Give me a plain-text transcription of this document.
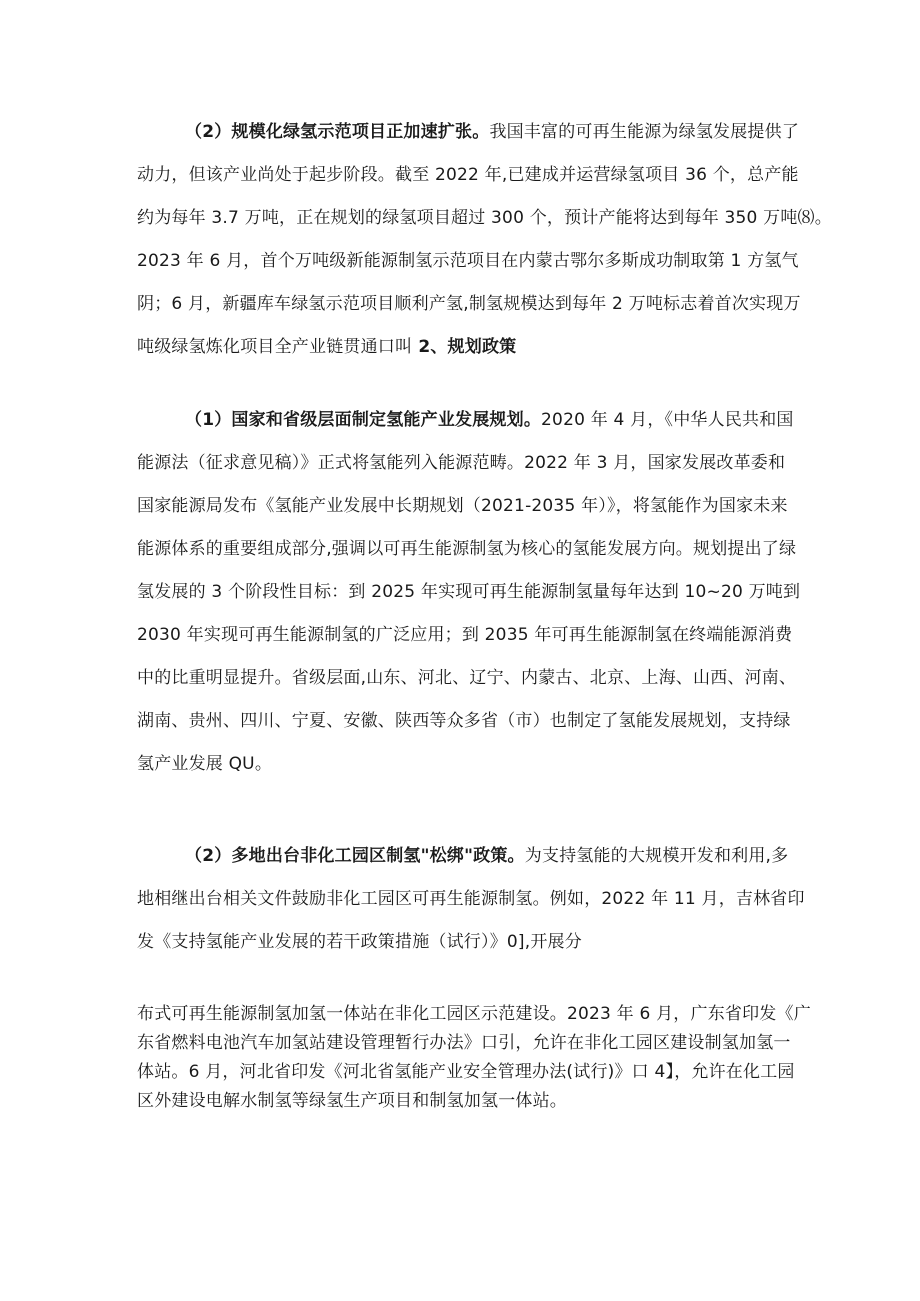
（2）规模化绿氢示范项目正加速扩张。我国丰富的可再生能源为绿氢发展提供了
动力，但该产业尚处于起步阶段。截至 2022 年,已建成并运营绿氢项目 36 个，总产能
约为每年 3.7 万吨，正在规划的绿氢项目超过 300 个，预计产能将达到每年 350 万吨⑻。
2023 年 6 月，首个万吨级新能源制氢示范项目在内蒙古鄂尔多斯成功制取第 1 方氢气
阴；6 月，新疆库车绿氢示范项目顺利产氢,制氢规模达到每年 2 万吨标志着首次实现万
吨级绿氢炼化项目全产业链贯通口叫 2、规划政策
（1）国家和省级层面制定氢能产业发展规划。2020 年 4 月，《中华人民共和国
能源法（征求意见稿）》正式将氢能列入能源范畴。2022 年 3 月，国家发展改革委和
国家能源局发布《氢能产业发展中长期规划（2021-2035 年）》，将氢能作为国家未来
能源体系的重要组成部分,强调以可再生能源制氢为核心的氢能发展方向。规划提出了绿
氢发展的 3 个阶段性目标：到 2025 年实现可再生能源制氢量每年达到 10~20 万吨到
2030 年实现可再生能源制氢的广泛应用；到 2035 年可再生能源制氢在终端能源消费
中的比重明显提升。省级层面,山东、河北、辽宁、内蒙古、北京、上海、山西、河南、
湖南、贵州、四川、宁夏、安徽、陕西等众多省（市）也制定了氢能发展规划，支持绿
氢产业发展 QU。
（2）多地出台非化工园区制氢"松绑"政策。为支持氢能的大规模开发和利用,多
地相继出台相关文件鼓励非化工园区可再生能源制氢。例如，2022 年 11 月，吉林省印
发《支持氢能产业发展的若干政策措施（试行）》0],开展分
布式可再生能源制氢加氢一体站在非化工园区示范建设。2023 年 6 月，广东省印发《广
东省燃料电池汽车加氢站建设管理暂行办法》口引，允许在非化工园区建设制氢加氢一
体站。6 月，河北省印发《河北省氢能产业安全管理办法(试行)》口 4】，允许在化工园
区外建设电解水制氢等绿氢生产项目和制氢加氢一体站。
